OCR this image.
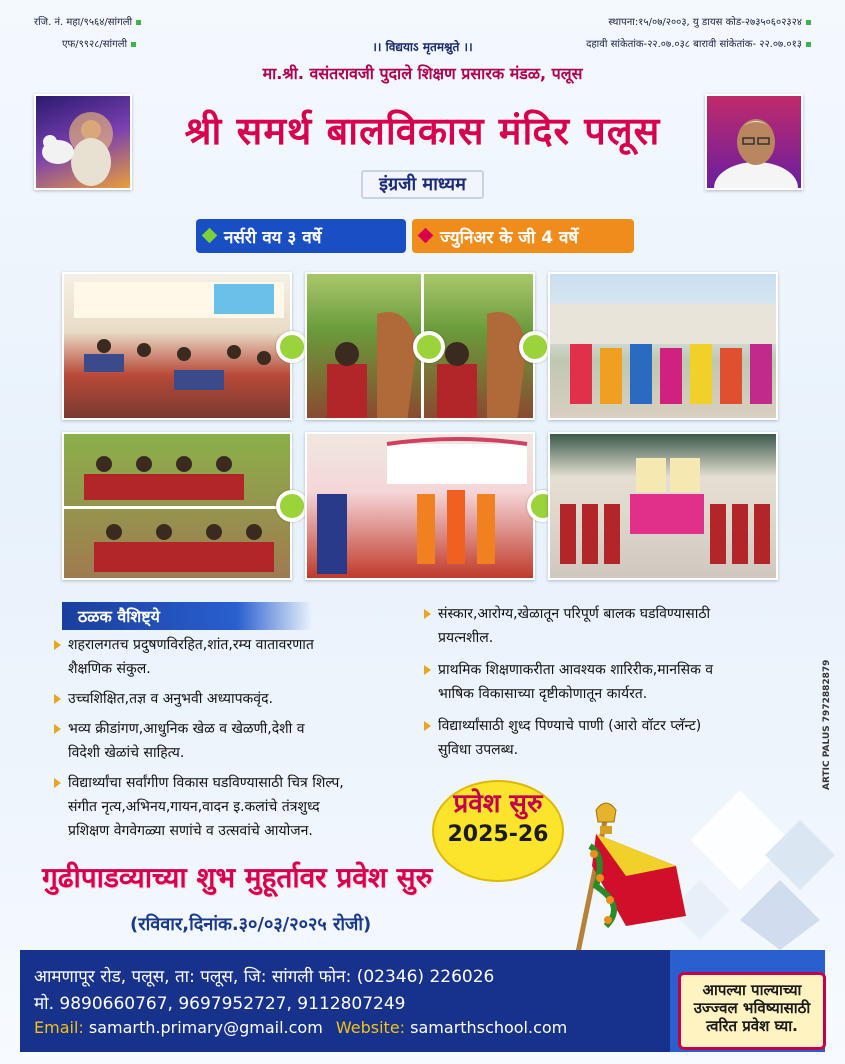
रजि. नं. महा/९५६४/सांगली
एफ/९९२८/सांगली
स्थापना:१५/०७/२००३, यु डायस कोड-२७३५०६०२३२४
दहावी सांकेतांक-२२.०७.०३८ बारावी सांकेतांक- २२.०७.०१३
।। विद्ययाऽ मृतमश्नुते ।।
मा.श्री. वसंतरावजी पुदाले शिक्षण प्रसारक मंडळ, पलूस
श्री समर्थ बालविकास मंदिर पलूस
इंग्रजी माध्यम
नर्सरी वय ३ वर्षे	ज्युनिअर के जी 4 वर्षे
ठळक वैशिष्ट्ये
शहरालगतच प्रदुषणविरहित,शांत,रम्य वातावरणात
शैक्षणिक संकुल.
उच्चशिक्षित,तज्ञ व अनुभवी अध्यापकवृंद.
भव्य क्रीडांगण,आधुनिक खेळ व खेळणी,देशी व
विदेशी खेळांचे साहित्य.
विद्यार्थ्यांचा सर्वांगीण विकास घडविण्यासाठी चित्र शिल्प,
संगीत नृत्य,अभिनय,गायन,वादन इ.कलांचे तंत्रशुध्द
प्रशिक्षण वेगवेगळ्या सणांचे व उत्सवांचे आयोजन.
संस्कार,आरोग्य,खेळातून परिपूर्ण बालक घडविण्यासाठी
प्रयत्नशील.
प्राथमिक शिक्षणाकरीता आवश्यक शारिरीक,मानसिक व
भाषिक विकासाच्या दृष्टीकोणातून कार्यरत.
विद्यार्थ्यांसाठी शुध्द पिण्याचे पाणी (आरो वॉटर प्लॅन्ट)
सुविधा उपलब्ध.
प्रवेश सुरु
2025-26
गुढीपाडव्याच्या शुभ मुहूर्तावर प्रवेश सुरु
(रविवार,दिनांक.३०/०३/२०२५ रोजी)
आमणापूर रोड, पलूस, ता: पलूस, जि: सांगली फोन: (02346) 226026
मो. 9890660767, 9697952727, 9112807249
Email: samarth.primary@gmail.com Website: samarthschool.com
आपल्या पाल्याच्या
उज्ज्वल भविष्यासाठी
त्वरित प्रवेश घ्या.
ARTIC PALUS 7972882879
